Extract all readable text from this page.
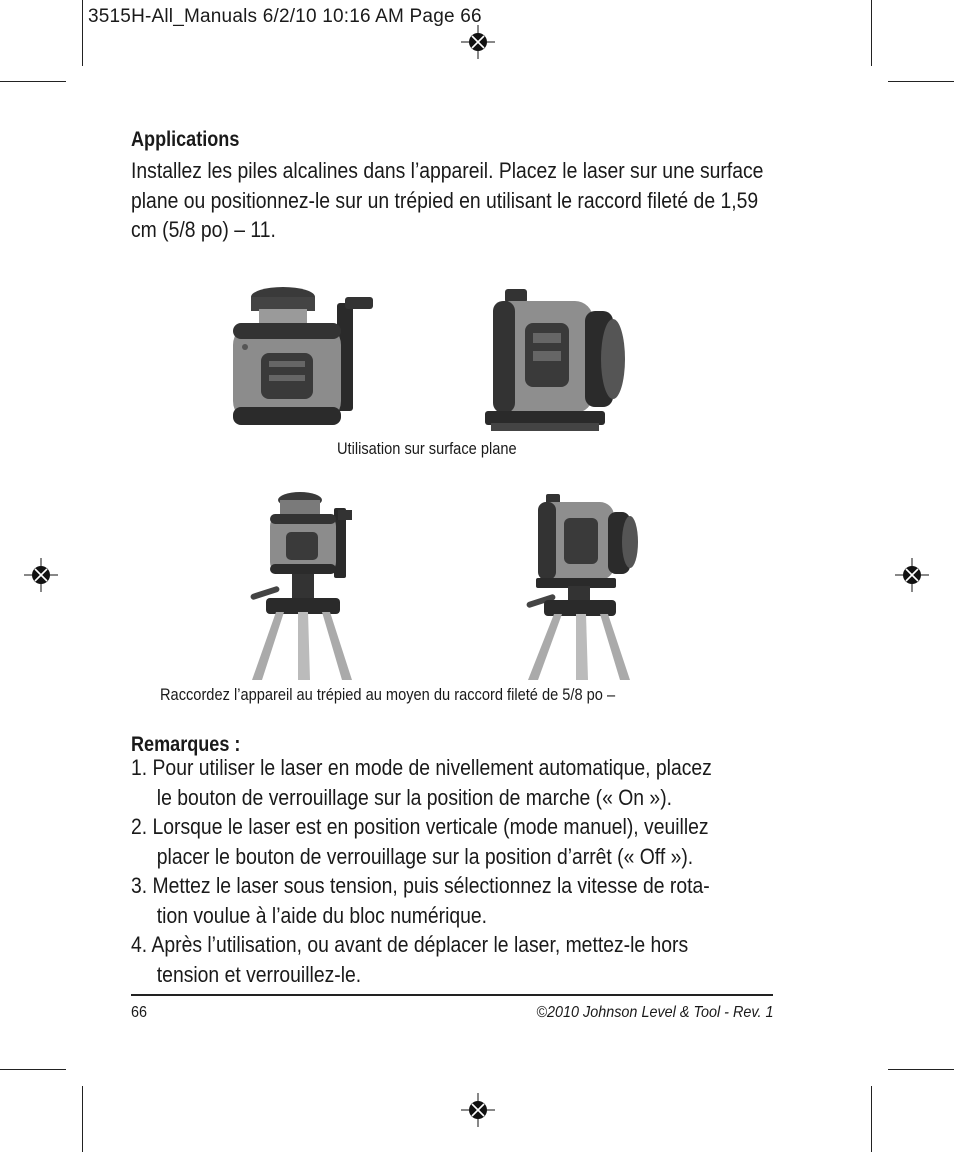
3515H-All_Manuals 6/2/10 10:16 AM Page 66
Applications
Installez les piles alcalines dans l’appareil. Placez le laser sur une surface plane ou positionnez-le sur un trépied en utilisant le raccord fileté de 1,59 cm (5/8 po) – 11.
Utilisation sur surface plane
Raccordez l’appareil au trépied au moyen du raccord fileté de 5/8 po –
Remarques :
1. Pour utiliser le laser en mode de nivellement automatique, placez
le bouton de verrouillage sur la position de marche (« On »).
2. Lorsque le laser est en position verticale (mode manuel), veuillez
placer le bouton de verrouillage sur la position d’arrêt (« Off »).
3. Mettez le laser sous tension, puis sélectionnez la vitesse de rota-
tion voulue à l’aide du bloc numérique.
4. Après l’utilisation, ou avant de déplacer le laser, mettez-le hors
tension et verrouillez-le.
66	©2010 Johnson Level & Tool - Rev. 1
